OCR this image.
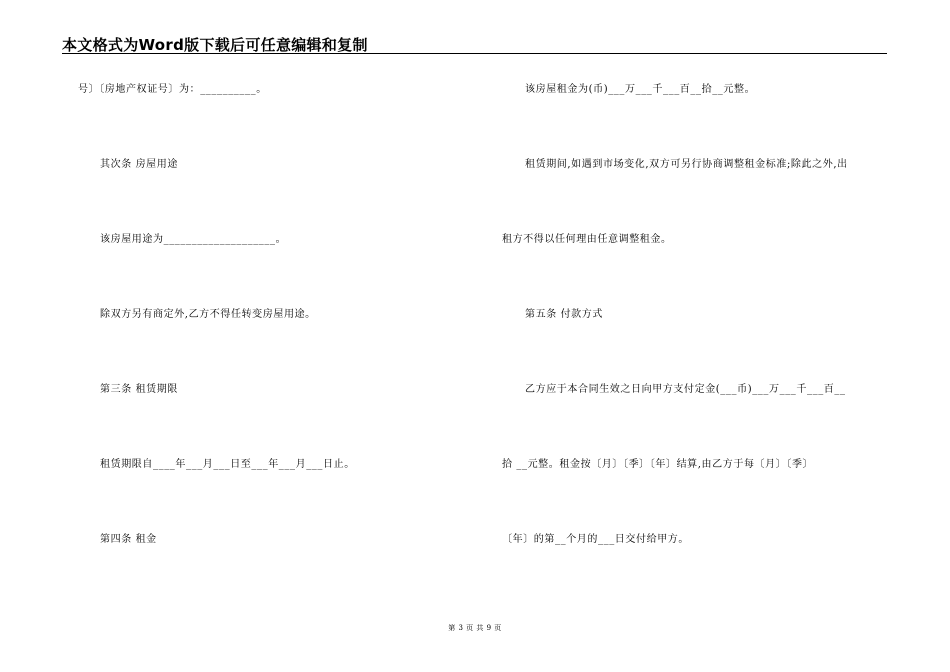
本文格式为Word版下载后可任意编辑和复制
号〕〔房地产权证号〕为：__________。
其次条 房屋用途
该房屋用途为____________________。
除双方另有商定外,乙方不得任转变房屋用途。
第三条 租赁期限
租赁期限自____年___月___日至___年___月___日止。
第四条 租金
该房屋租金为(币)___万___千___百__拾__元整。
租赁期间,如遇到市场变化,双方可另行协商调整租金标准;除此之外,出
租方不得以任何理由任意调整租金。
第五条 付款方式
乙方应于本合同生效之日向甲方支付定金(___币)___万___千___百__
拾 __元整。租金按〔月〕〔季〕〔年〕结算,由乙方于每〔月〕〔季〕
〔年〕的第__个月的___日交付给甲方。
第 3 页 共 9 页
